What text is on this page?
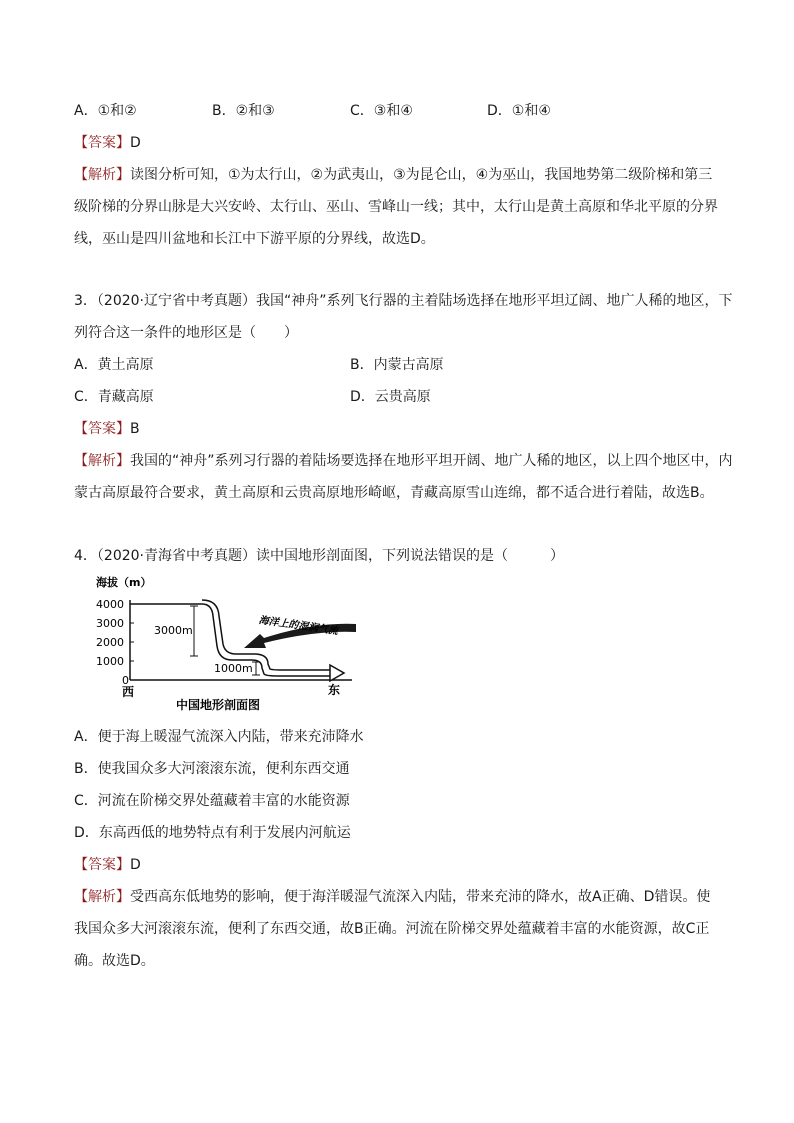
A．①和②	B．②和③	C．③和④	D．①和④
【答案】D
【解析】读图分析可知，①为太行山，②为武夷山，③为昆仑山，④为巫山，我国地势第二级阶梯和第三
级阶梯的分界山脉是大兴安岭、太行山、巫山、雪峰山一线；其中，太行山是黄土高原和华北平原的分界
线，巫山是四川盆地和长江中下游平原的分界线，故选D。
3．（2020·辽宁省中考真题）我国“神舟”系列飞行器的主着陆场选择在地形平坦辽阔、地广人稀的地区，下
列符合这一条件的地形区是（　　）
A．黄土高原	B．内蒙古高原
C．青藏高原	D．云贵高原
【答案】B
【解析】我国的“神舟”系列习行器的着陆场要选择在地形平坦开阔、地广人稀的地区，以上四个地区中，内
蒙古高原最符合要求，黄土高原和云贵高原地形崎岖，青藏高原雪山连绵，都不适合进行着陆，故选B。
4．（2020·青海省中考真题）读中国地形剖面图，下列说法错误的是（　　　）
海拔（m）
4000
3000
2000
1000
0
3000m
1000m
海洋上的湿润气流
西	东
中国地形剖面图
A．便于海上暖湿气流深入内陆，带来充沛降水
B．使我国众多大河滚滚东流，便利东西交通
C．河流在阶梯交界处蕴藏着丰富的水能资源
D．东高西低的地势特点有利于发展内河航运
【答案】D
【解析】受西高东低地势的影响，便于海洋暖湿气流深入内陆，带来充沛的降水，故A正确、D错误。使
我国众多大河滚滚东流，便利了东西交通，故B正确。河流在阶梯交界处蕴藏着丰富的水能资源，故C正
确。故选D。
